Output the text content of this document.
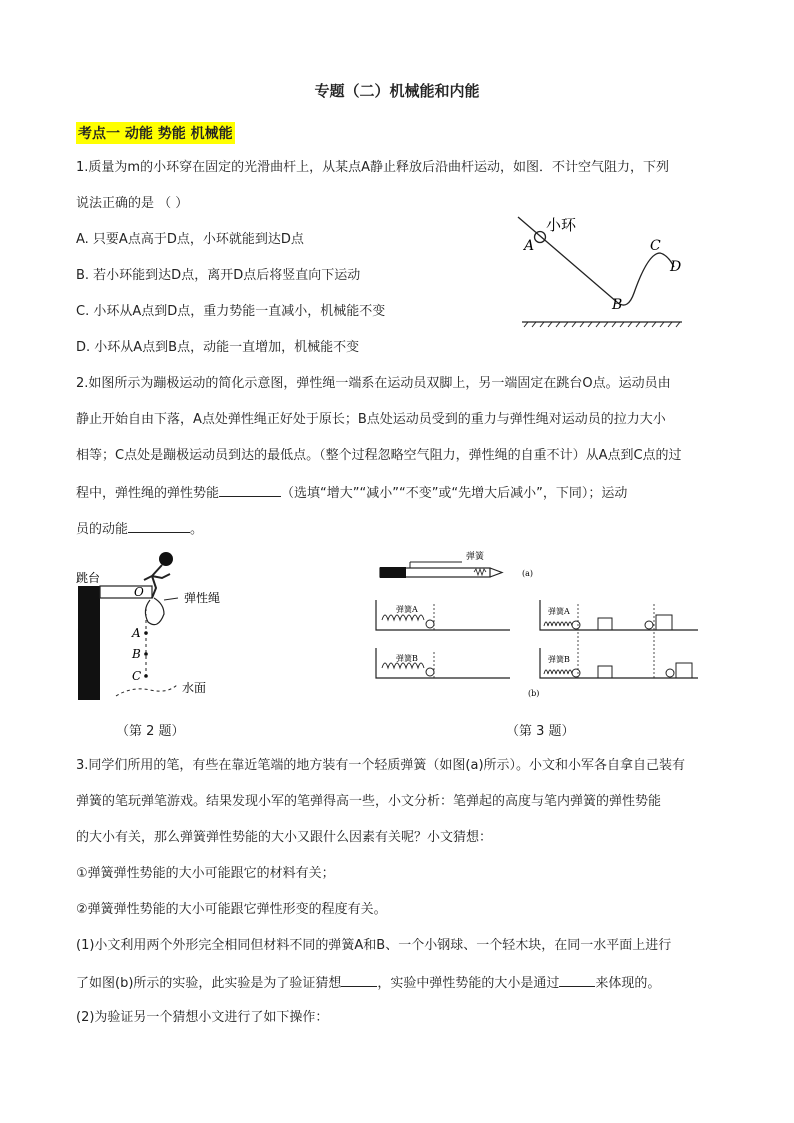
专题（二）机械能和内能
考点一 动能 势能 机械能
1.质量为m的小环穿在固定的光滑曲杆上，从某点A静止释放后沿曲杆运动，如图．不计空气阻力，下列
说法正确的是 （ ）
A. 只要A点高于D点，小环就能到达D点
B. 若小环能到达D点，离开D点后将竖直向下运动
C. 小环从A点到D点，重力势能一直减小，机械能不变
D. 小环从A点到B点，动能一直增加，机械能不变
小环
A
B
C
D
2.如图所示为蹦极运动的简化示意图，弹性绳一端系在运动员双脚上，另一端固定在跳台O点。运动员由
静止开始自由下落，A点处弹性绳正好处于原长；B点处运动员受到的重力与弹性绳对运动员的拉力大小
相等；C点处是蹦极运动员到达的最低点。（整个过程忽略空气阻力，弹性绳的自重不计）从A点到C点的过
程中，弹性绳的弹性势能	（选填“增大”“减小”“不变”或“先增大后减小”，下同）；运动
员的动能	。
跳台
O	弹性绳
A
B
C
水面
（第 2 题）
弹簧
(a)
弹簧A
弹簧B
弹簧A
弹簧B
(b)
（第 3 题）
3.同学们所用的笔，有些在靠近笔端的地方装有一个轻质弹簧（如图(a)所示）。小文和小军各自拿自己装有
弹簧的笔玩弹笔游戏。结果发现小军的笔弹得高一些，小文分析：笔弹起的高度与笔内弹簧的弹性势能
的大小有关，那么弹簧弹性势能的大小又跟什么因素有关呢？小文猜想：
①弹簧弹性势能的大小可能跟它的材料有关；
②弹簧弹性势能的大小可能跟它弹性形变的程度有关。
(1)小文利用两个外形完全相同但材料不同的弹簧A和B、一个小钢球、一个轻木块，在同一水平面上进行
了如图(b)所示的实验，此实验是为了验证猜想	，实验中弹性势能的大小是通过	来体现的。
(2)为验证另一个猜想小文进行了如下操作：
